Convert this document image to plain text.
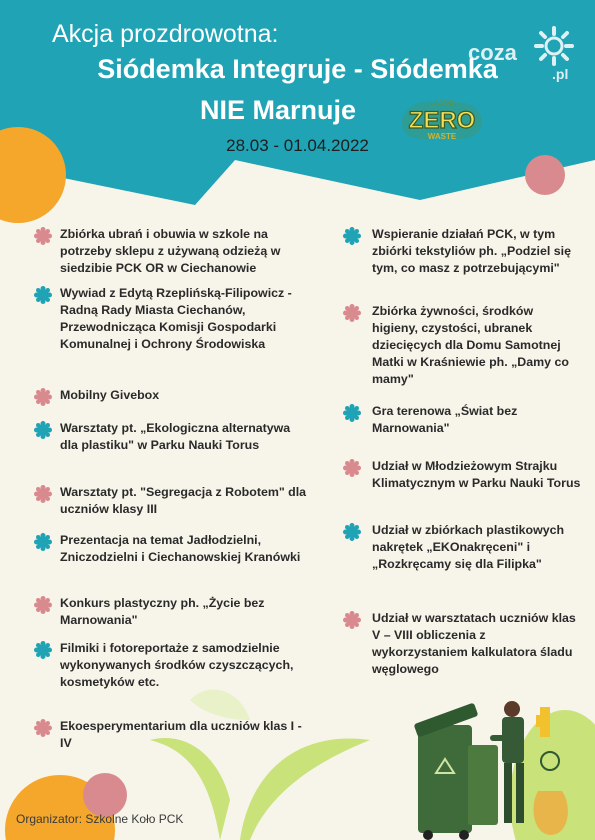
coza
.pl
Akcja prozdrowotna:
Siódemka Integruje - Siódemka
NIE Marnuje	LIVING
ZERO
WASTE
28.03 - 01.04.2022
Zbiórka ubrań i obuwia w szkole na potrzeby sklepu z używaną odzieżą w siedzibie PCK OR w Ciechanowie
Wywiad z Edytą Rzeplińską-Filipowicz - Radną Rady Miasta Ciechanów, Przewodnicząca Komisji Gospodarki Komunalnej i Ochrony Środowiska
Mobilny Givebox
Warsztaty pt. „Ekologiczna alternatywa dla plastiku" w Parku Nauki Torus
Warsztaty pt. "Segregacja z Robotem" dla uczniów klasy III
Prezentacja na temat Jadłodzielni, Zniczodzielni i Ciechanowskiej Kranówki
Konkurs plastyczny ph. „Życie bez Marnowania"
Filmiki i fotoreportaże z samodzielnie wykonywanych środków czyszczących, kosmetyków etc.
Ekoesperymentarium dla uczniów klas I - IV
Wspieranie działań PCK, w tym zbiórki tekstyliów ph. „Podziel się tym, co masz z potrzebującymi"
Zbiórka żywności, środków higieny, czystości, ubranek dziecięcych dla Domu Samotnej Matki w Kraśniewie ph. „Damy co mamy"
Gra terenowa „Świat bez Marnowania"
Udział w Młodzieżowym Strajku Klimatycznym w Parku Nauki Torus
Udział w zbiórkach plastikowych nakrętek „EKOnakręceni" i „Rozkręcamy się dla Filipka"
Udział w warsztatach uczniów klas V – VIII obliczenia z wykorzystaniem kalkulatora śladu węglowego
Organizator: Szkolne Koło PCK
